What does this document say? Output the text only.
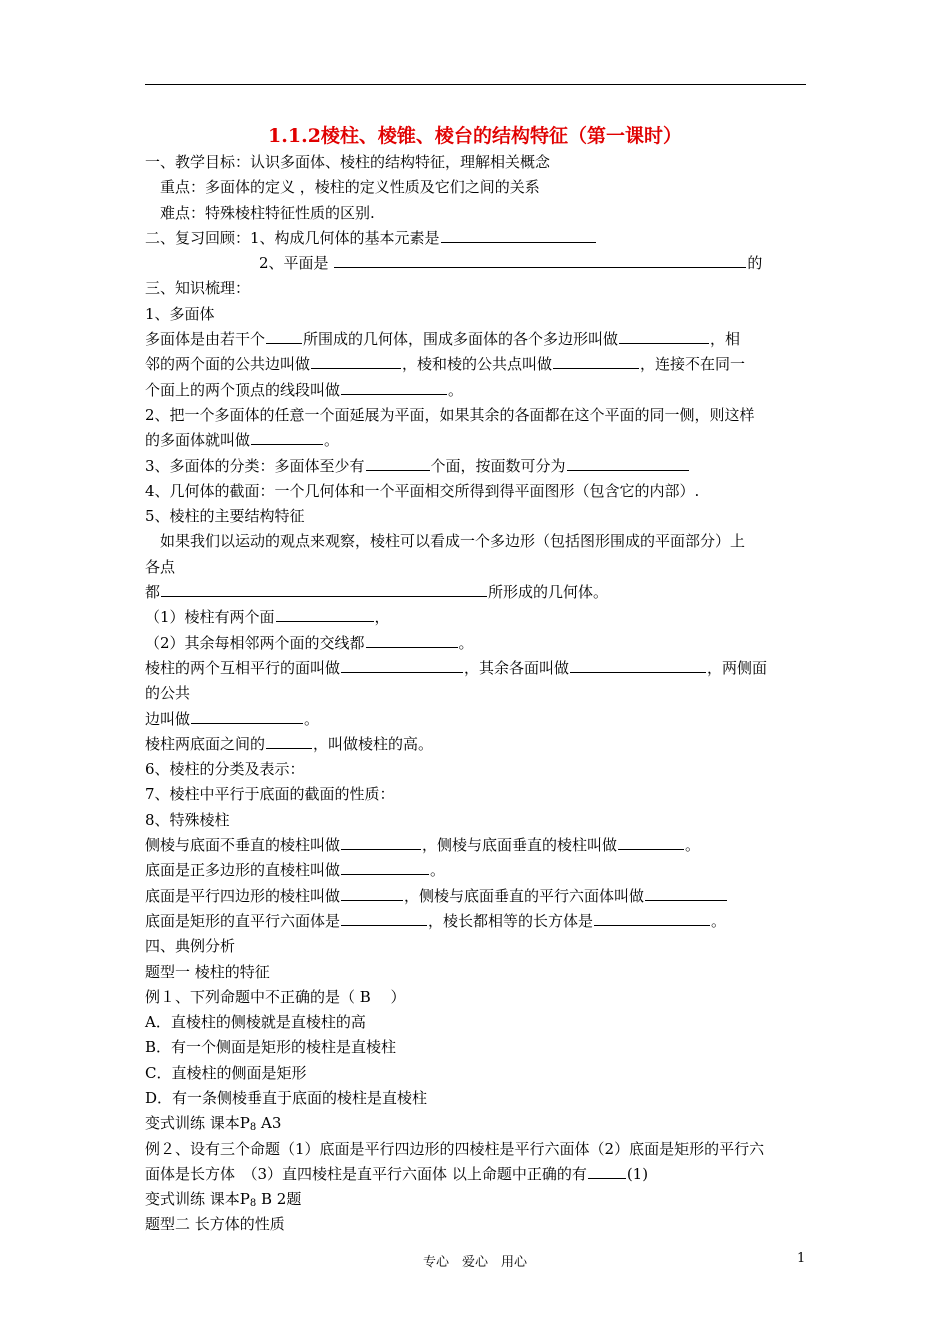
1.1.2棱柱、棱锥、棱台的结构特征（第一课时）
一、教学目标：认识多面体、棱柱的结构特征，理解相关概念
重点：多面体的定义 ，棱柱的定义性质及它们之间的关系
难点：特殊棱柱特征性质的区别.
二、复习回顾：1、构成几何体的基本元素是
2、平面是	的
三、知识梳理：
1、多面体
多面体是由若干个	所围成的几何体，围成多面体的各个多边形叫做	，相
邻的两个面的公共边叫做	，棱和棱的公共点叫做	，连接不在同一
个面上的两个顶点的线段叫做	。
2、把一个多面体的任意一个面延展为平面，如果其余的各面都在这个平面的同一侧，则这样
的多面体就叫做	。
3、多面体的分类：多面体至少有	个面，按面数可分为
4、几何体的截面：一个几何体和一个平面相交所得到得平面图形（包含它的内部）.
5、棱柱的主要结构特征
如果我们以运动的观点来观察，棱柱可以看成一个多边形（包括图形围成的平面部分）上
各点
都	所形成的几何体。
（1）棱柱有两个面	，
（2）其余每相邻两个面的交线都	。
棱柱的两个互相平行的面叫做	，其余各面叫做	，两侧面
的公共
边叫做	。
棱柱两底面之间的	，叫做棱柱的高。
6、棱柱的分类及表示：
7、棱柱中平行于底面的截面的性质：
8、特殊棱柱
侧棱与底面不垂直的棱柱叫做	，侧棱与底面垂直的棱柱叫做	。
底面是正多边形的直棱柱叫做	。
底面是平行四边形的棱柱叫做	，侧棱与底面垂直的平行六面体叫做
底面是矩形的直平行六面体是	，棱长都相等的长方体是	。
四、典例分析
题型一 棱柱的特征
例１、下列命题中不正确的是（ B　 ）
A．直棱柱的侧棱就是直棱柱的高
B．有一个侧面是矩形的棱柱是直棱柱
C．直棱柱的侧面是矩形
D．有一条侧棱垂直于底面的棱柱是直棱柱
变式训练 课本$P_8$ A3
例２、设有三个命题（1）底面是平行四边形的四棱柱是平行六面体（2）底面是矩形的平行六
面体是长方体　（3）直四棱柱是直平行六面体 以上命题中正确的有	(1)
变式训练 课本$P_8$ B 2题
题型二 长方体的性质
专心　爱心　用心	1
